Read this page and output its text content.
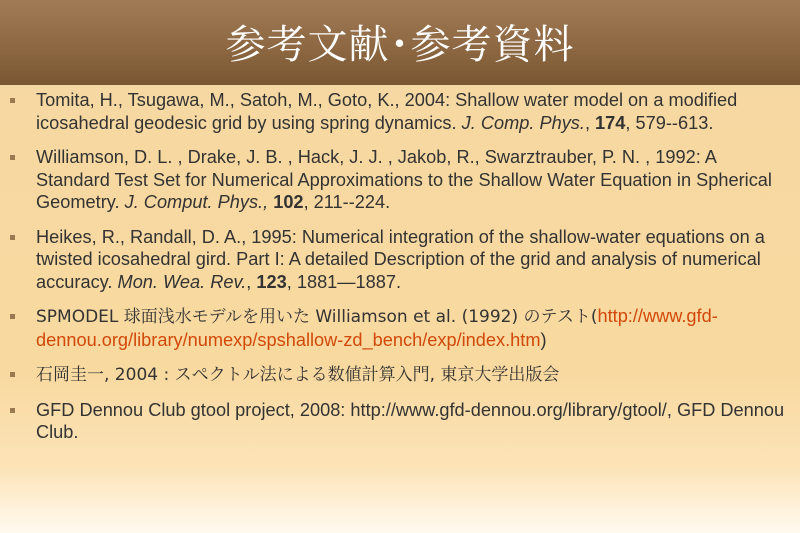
参考文献･参考資料
Tomita, H., Tsugawa, M., Satoh, M., Goto, K., 2004: Shallow water model on a modified icosahedral geodesic grid by using spring dynamics. J. Comp. Phys., 174, 579--613.
Williamson, D. L. , Drake, J. B. , Hack, J. J. , Jakob, R., Swarztrauber, P. N. , 1992: A Standard Test Set for Numerical Approximations to the Shallow Water Equation in Spherical Geometry. J. Comput. Phys., 102, 211--224.
Heikes, R., Randall, D. A., 1995: Numerical integration of the shallow-water equations on a twisted icosahedral gird. Part I: A detailed Description of the grid and analysis of numerical accuracy. Mon. Wea. Rev., 123, 1881—1887.
SPMODEL 球面浅水モデルを用いた Williamson et al. (1992) のテスト(http://www.gfd-dennou.org/library/numexp/spshallow-zd_bench/exp/index.htm)
石岡圭一, 2004 : スペクトル法による数値計算入門, 東京大学出版会
GFD Dennou Club gtool project, 2008: http://www.gfd-dennou.org/library/gtool/, GFD Dennou Club.
